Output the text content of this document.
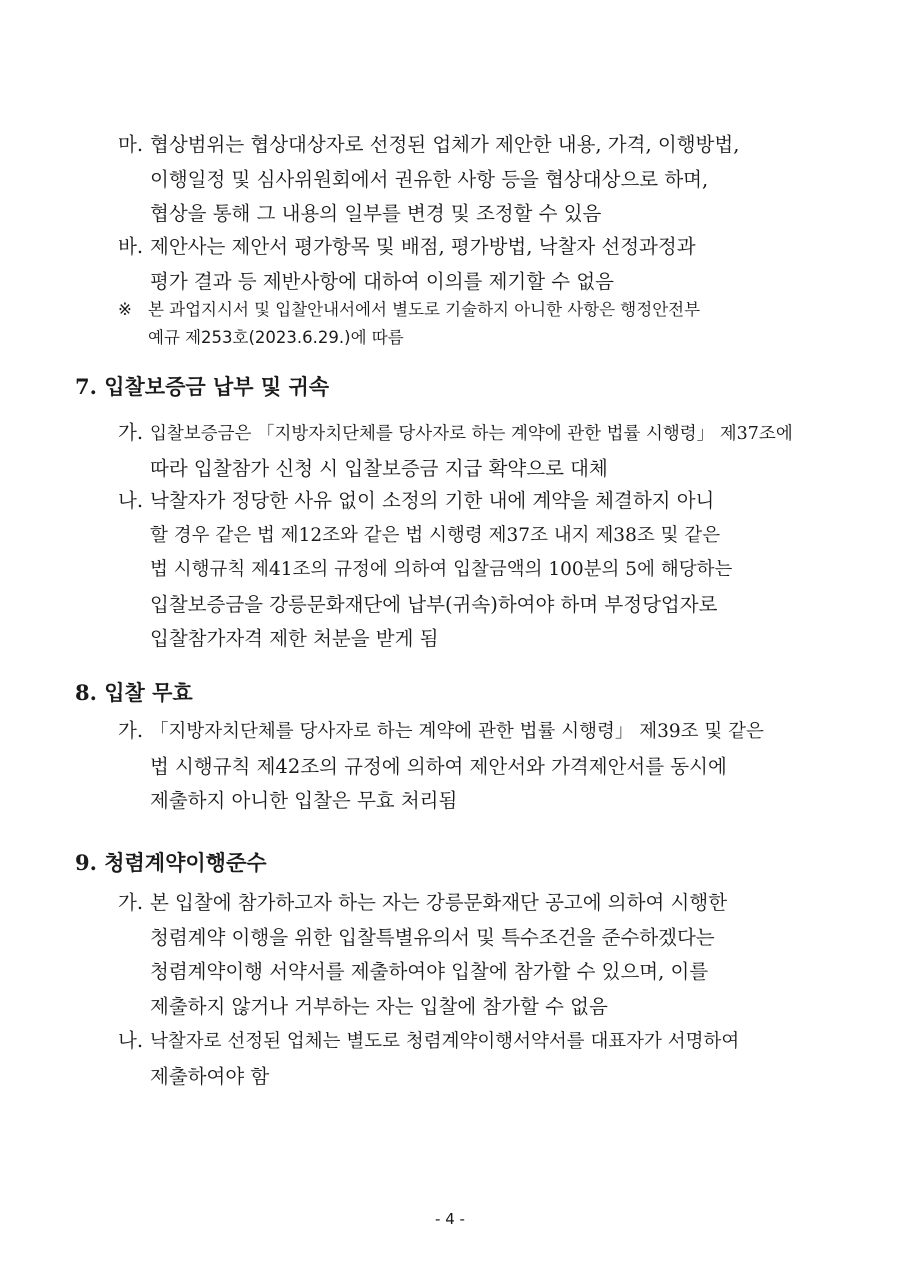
마. 협상범위는 협상대상자로 선정된 업체가 제안한 내용, 가격, 이행방법,
이행일정 및 심사위원회에서 권유한 사항 등을 협상대상으로 하며,
협상을 통해 그 내용의 일부를 변경 및 조정할 수 있음
바. 제안사는 제안서 평가항목 및 배점, 평가방법, 낙찰자 선정과정과
평가 결과 등 제반사항에 대하여 이의를 제기할 수 없음
※ 본 과업지시서 및 입찰안내서에서 별도로 기술하지 아니한 사항은 행정안전부
예규 제253호(2023.6.29.)에 따름
7. 입찰보증금 납부 및 귀속
가. 입찰보증금은 「지방자치단체를 당사자로 하는 계약에 관한 법률 시행령」 제37조에
따라 입찰참가 신청 시 입찰보증금 지급 확약으로 대체
나. 낙찰자가 정당한 사유 없이 소정의 기한 내에 계약을 체결하지 아니
할 경우 같은 법 제12조와 같은 법 시행령 제37조 내지 제38조 및 같은
법 시행규칙 제41조의 규정에 의하여 입찰금액의 100분의 5에 해당하는
입찰보증금을 강릉문화재단에 납부(귀속)하여야 하며 부정당업자로
입찰참가자격 제한 처분을 받게 됨
8. 입찰 무효
가. 「지방자치단체를 당사자로 하는 계약에 관한 법률 시행령」 제39조 및 같은
법 시행규칙 제42조의 규정에 의하여 제안서와 가격제안서를 동시에
제출하지 아니한 입찰은 무효 처리됨
9. 청렴계약이행준수
가. 본 입찰에 참가하고자 하는 자는 강릉문화재단 공고에 의하여 시행한
청렴계약 이행을 위한 입찰특별유의서 및 특수조건을 준수하겠다는
청렴계약이행 서약서를 제출하여야 입찰에 참가할 수 있으며, 이를
제출하지 않거나 거부하는 자는 입찰에 참가할 수 없음
나. 낙찰자로 선정된 업체는 별도로 청렴계약이행서약서를 대표자가 서명하여
제출하여야 함
- 4 -
